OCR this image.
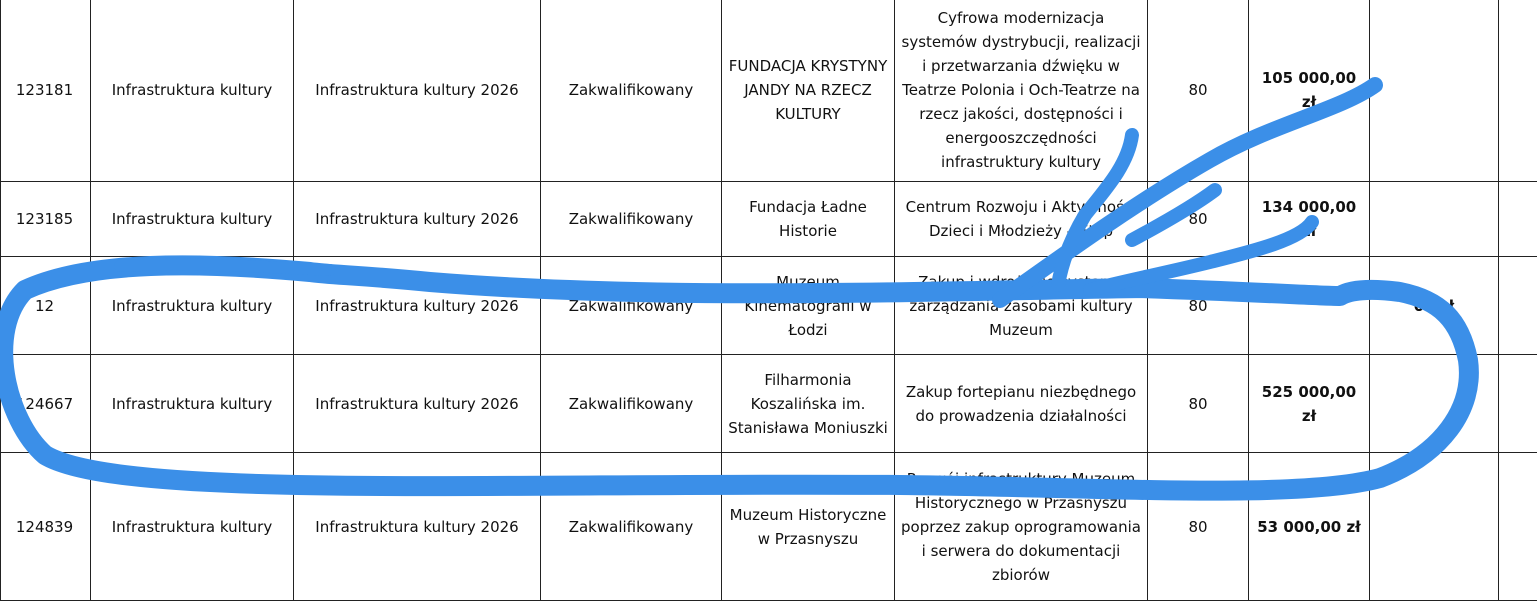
123181	Infrastruktura kultury	Infrastruktura kultury 2026	Zakwalifikowany	FUNDACJA KRYSTYNY JANDY NA RZECZ KULTURY	Cyfrowa modernizacja systemów dystrybucji, realizacji i przetwarzania dźwięku w Teatrze Polonia i Och-Teatrze na rzecz jakości, dostępności i energooszczędności infrastruktury kultury	80	105 000,00 zł		
123185	Infrastruktura kultury	Infrastruktura kultury 2026	Zakwalifikowany	Fundacja Ładne Historie	Centrum Rozwoju i Aktywności Dzieci i Młodzieży – Etap	80	134 000,00 zł		
12	Infrastruktura kultury	Infrastruktura kultury 2026	Zakwalifikowany	Muzeum Kinematografii w Łodzi	Zakup i wdrożenie systemu zarządzania zasobami kultury Muzeum	80		00 zł	
124667	Infrastruktura kultury	Infrastruktura kultury 2026	Zakwalifikowany	Filharmonia Koszalińska im. Stanisława Moniuszki	Zakup fortepianu niezbędnego do prowadzenia działalności	80	525 000,00 zł		
124839	Infrastruktura kultury	Infrastruktura kultury 2026	Zakwalifikowany	Muzeum Historyczne w Przasnyszu	Rozwój infrastruktury Muzeum Historycznego w Przasnyszu poprzez zakup oprogramowania i serwera do dokumentacji zbiorów	80	53 000,00 zł		
